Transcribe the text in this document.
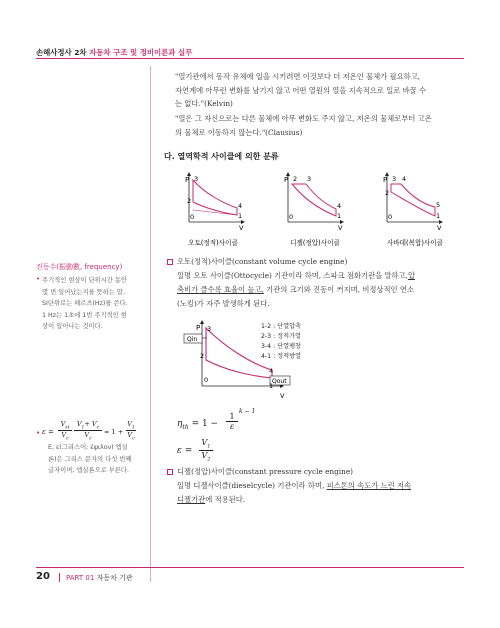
손해사정사 2차 자동차 구조 및 정비이론과 실무
"열기관에서 동작 유체에 일을 시키려면 이것보다 더 저온인 물체가 필요하고,
자연계에 아무런 변화를 남기지 않고 어떤 열원의 열을 지속적으로 일로 바꿀 수
는 없다."(Kelvin)
"열은 그 자신으로는 다른 물체에 아무 변화도 주지 않고, 저온의 물체로부터 고온
의 물체로 이동하지 않는다."(Clausius)
다. 열역학적 사이클에 의한 분류
P 3
2
0
4
1
V
오토(정적)사이클
P 2 3
0
4
1
V
디젤(정압)사이클
P 3 4
2
0
5
1
V
사바데(복합)사이클
오토(정적)사이클(constant volume cycle engine)
일명 오토 사이클(Ottocycle) 기관이라 하며, 스파크 점화기관을 말하고,압
축비가 클수록 효율이 높고, 기관의 크기와 진동이 커지며, 비정상적인 연소
(노킹)가 자주 발생하게 된다.
Qin
Qout
P 3
2
0
4
1
V
1-2 : 단열압축
2-3 : 정적가열
3-4 : 단열팽창
4-1 : 정적방열
$\eta_{th} = 1$ −
1
ε
k − 1
ε =
$V_1$
$V_2$
디젤(정압)사이클(constant pressure cycle engine)
일명 디젤사이클(dieselcycle) 기관이라 하며, 피스톤의 속도가 느린 저속
디젤기관에 적용된다.
진동수(振動數, frequency)
• 주기적인 현상이 단위시간 동안
몇 번 일어났는지를 뜻하는 말.
SI단위로는 헤르츠(Hz)를 쓴다.
1 Hz는 1초에 1번 주기적인 현
상이 일어나는 것이다.
• ε =
$V_{st}$
$V_c$
$V_1+ V_c$
$V_c$
= 1 +
$V_1$
$V_c$
E, ε(그리스어: έψιλον) 엡실
론)은 그리스 문자의 다섯 번째
글자이며, 엡실론으로 부른다.
20 PART 01 자동차 기관
